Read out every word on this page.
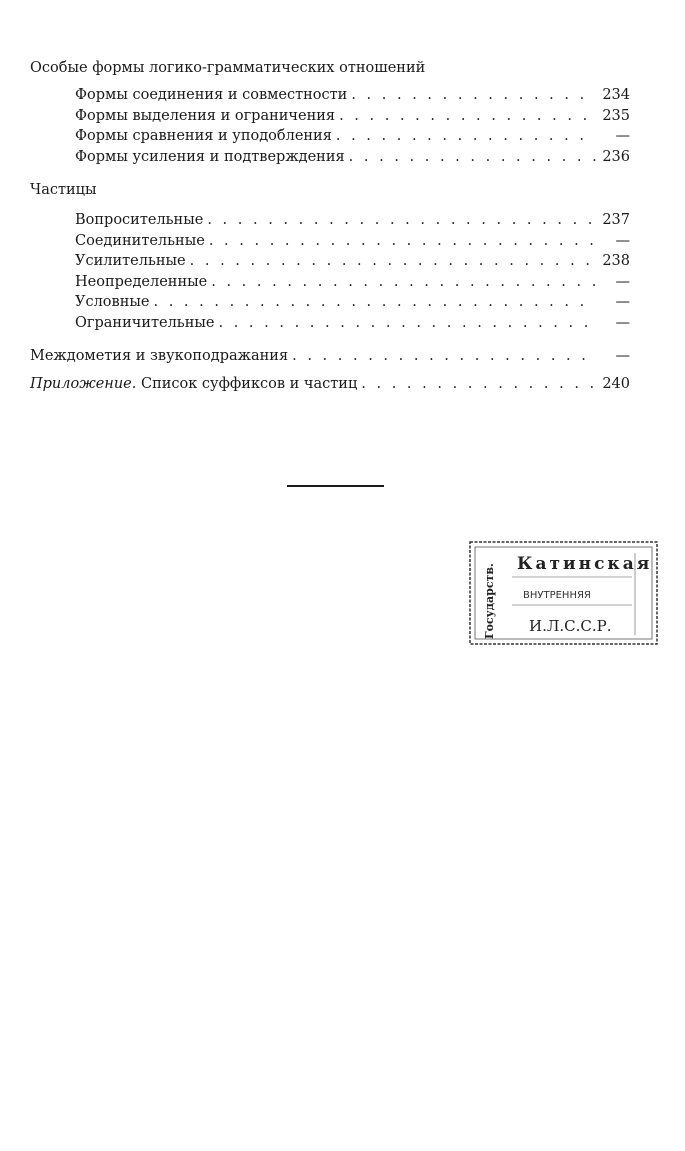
Особые формы логико-грамматических отношений
Формы соединения и совместности . . .	234
Формы выделения и ограничения . . .	235
Формы сравнения и уподобления . . .	—
Формы усиления и подтверждения . . .	236
Частицы
Вопросительные . . .	237
Соединительные . . .	—
Усилительные . . .	238
Неопределенные . . .	—
Условные . . .	—
Ограничительные . . .	—
Междометия и звукоподражания . . .	—
Приложение. Список суффиксов и частиц . . .	240
Государств. Катинская
ВНУТРЕННЯЯ
И.Л.С.С.Р.
